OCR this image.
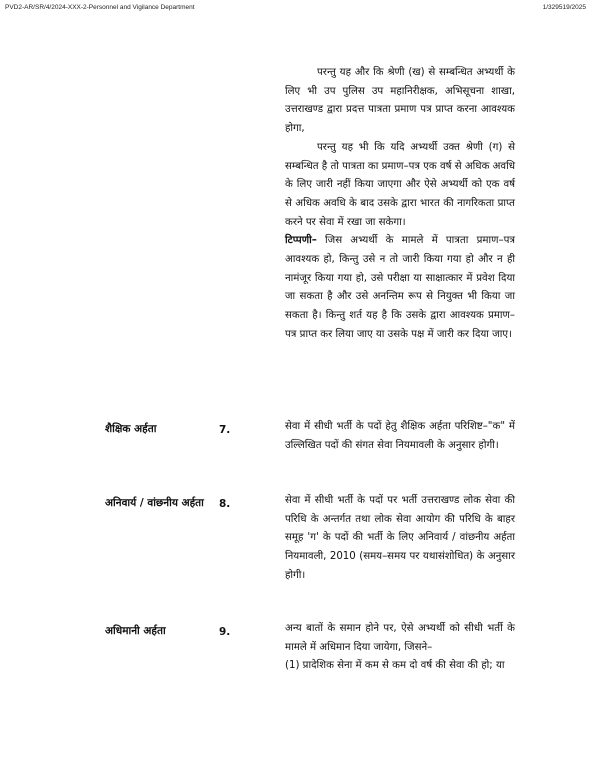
PVD2-AR/SR/4/2024-XXX-2-Personnel and Vigilance Department	1/329519/2025

परन्तु यह और कि श्रेणी (ख) से सम्बन्धित अभ्यर्थी के लिए भी उप पुलिस उप महानिरीक्षक, अभिसूचना शाखा, उत्तराखण्ड द्वारा प्रदत्त पात्रता प्रमाण पत्र प्राप्त करना आवश्यक होगा,

परन्तु यह भी कि यदि अभ्यर्थी उक्त श्रेणी (ग) से सम्बन्धित है तो पात्रता का प्रमाण–पत्र एक वर्ष से अधिक अवधि के लिए जारी नहीं किया जाएगा और ऐसे अभ्यर्थी को एक वर्ष से अधिक अवधि के बाद उसके द्वारा भारत की नागरिकता प्राप्त करने पर सेवा में रखा जा सकेगा।

टिप्पणी– जिस अभ्यर्थी के मामले में पात्रता प्रमाण–पत्र आवश्यक हो, किन्तु उसे न तो जारी किया गया हो और न ही नामंजूर किया गया हो, उसे परीक्षा या साक्षात्कार में प्रवेश दिया जा सकता है और उसे अनन्तिम रूप से नियुक्त भी किया जा सकता है। किन्तु शर्त यह है कि उसके द्वारा आवश्यक प्रमाण–पत्र प्राप्त कर लिया जाए या उसके पक्ष में जारी कर दिया जाए।

शैक्षिक अर्हता	7.	सेवा में सीधी भर्ती के पदों हेतु शैक्षिक अर्हता परिशिष्ट–"क" में उल्लिखित पदों की संगत सेवा नियमावली के अनुसार होगी।

अनिवार्य / वांछनीय अर्हता 8.	सेवा में सीधी भर्ती के पदों पर भर्ती उत्तराखण्ड लोक सेवा की परिधि के अन्तर्गत तथा लोक सेवा आयोग की परिधि के बाहर समूह 'ग' के पदों की भर्ती के लिए अनिवार्य / वांछनीय अर्हता नियमावली, 2010 (समय–समय पर यथासंशोधित) के अनुसार होगी।

अधिमानी अर्हता	9.	अन्य बातों के समान होने पर, ऐसे अभ्यर्थी को सीधी भर्ती के मामले में अधिमान दिया जायेगा, जिसने–

(1) प्रादेशिक सेना में कम से कम दो वर्ष की सेवा की हो; या
